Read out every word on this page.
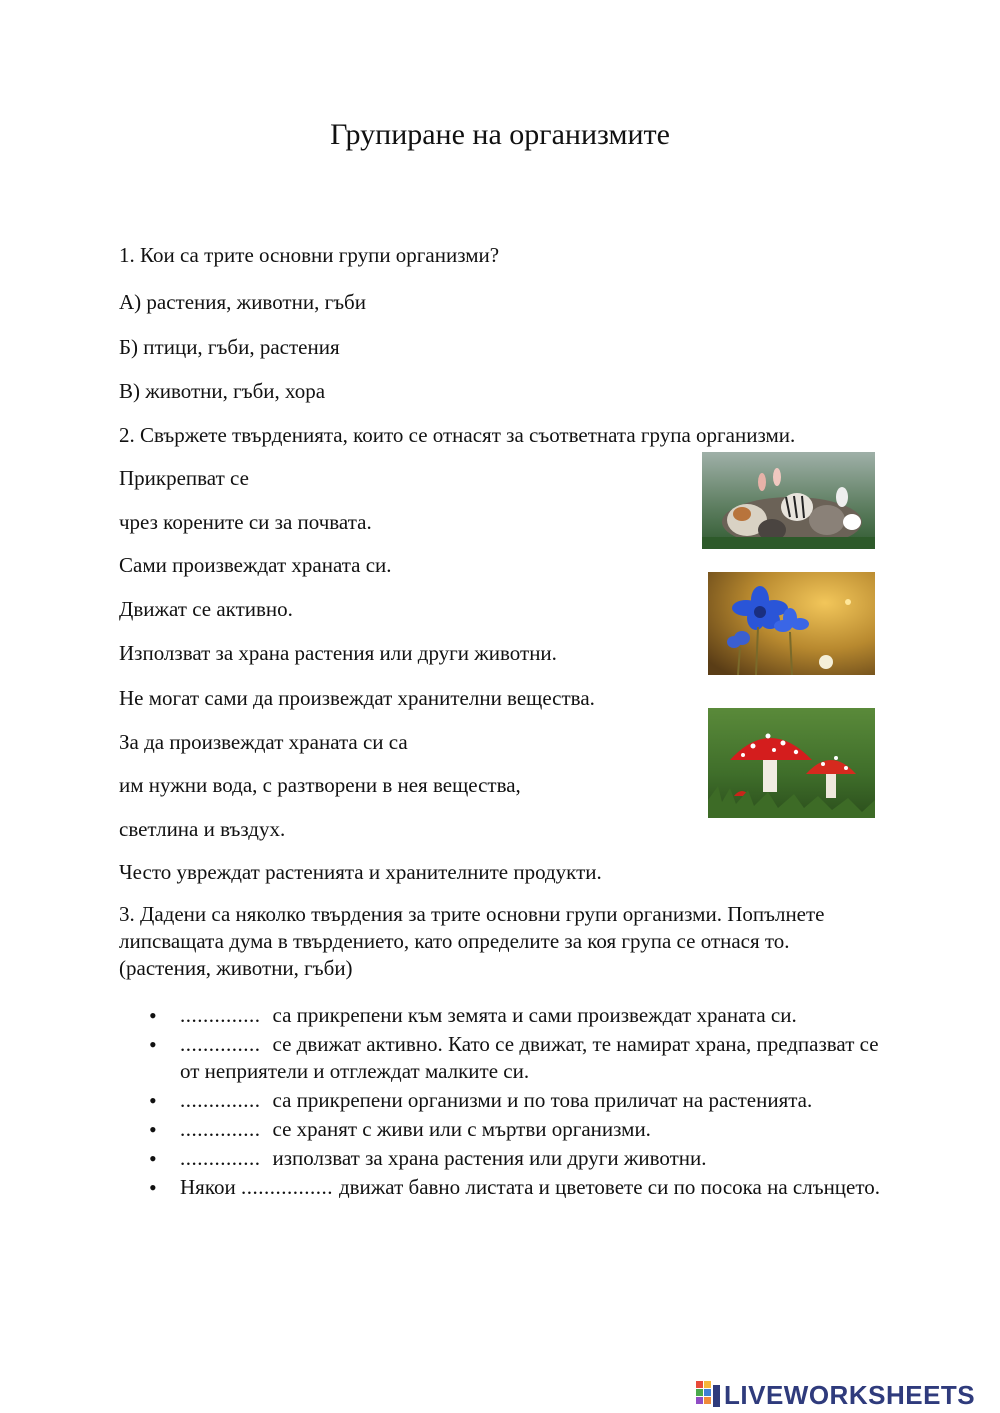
Групиране на организмите
1. Кои са трите основни групи организми?
А) растения, животни, гъби
Б) птици, гъби, растения
В) животни, гъби, хора
2. Свържете твърденията, които се отнасят за съответната група организми.
Прикрепват се
чрез корените си за почвата.
Сами произвеждат храната си.
Движат се активно.
Използват за храна растения или други животни.
Не могат сами да произвеждат хранителни вещества.
За да произвеждат храната си са
им нужни вода, с разтворени в нея вещества,
светлина и въздух.
Често увреждат растенията и хранителните продукти.
3. Дадени са няколко твърдения за трите основни групи организми. Попълнете липсващата дума в твърдението, като определите за коя група се отнася то. (растения, животни, гъби)
• .............. са прикрепени към земята и сами произвеждат храната си.
• .............. се движат активно. Като се движат, те намират храна, предпазват се от неприятели и отглеждат малките си.
• .............. са прикрепени организми и по това приличат на растенията.
• .............. се хранят с живи или с мъртви организми.
• .............. използват за храна растения или други животни.
• Някои ................ движат бавно листата и цветовете си по посока на слънцето.
LIVEWORKSHEETS
